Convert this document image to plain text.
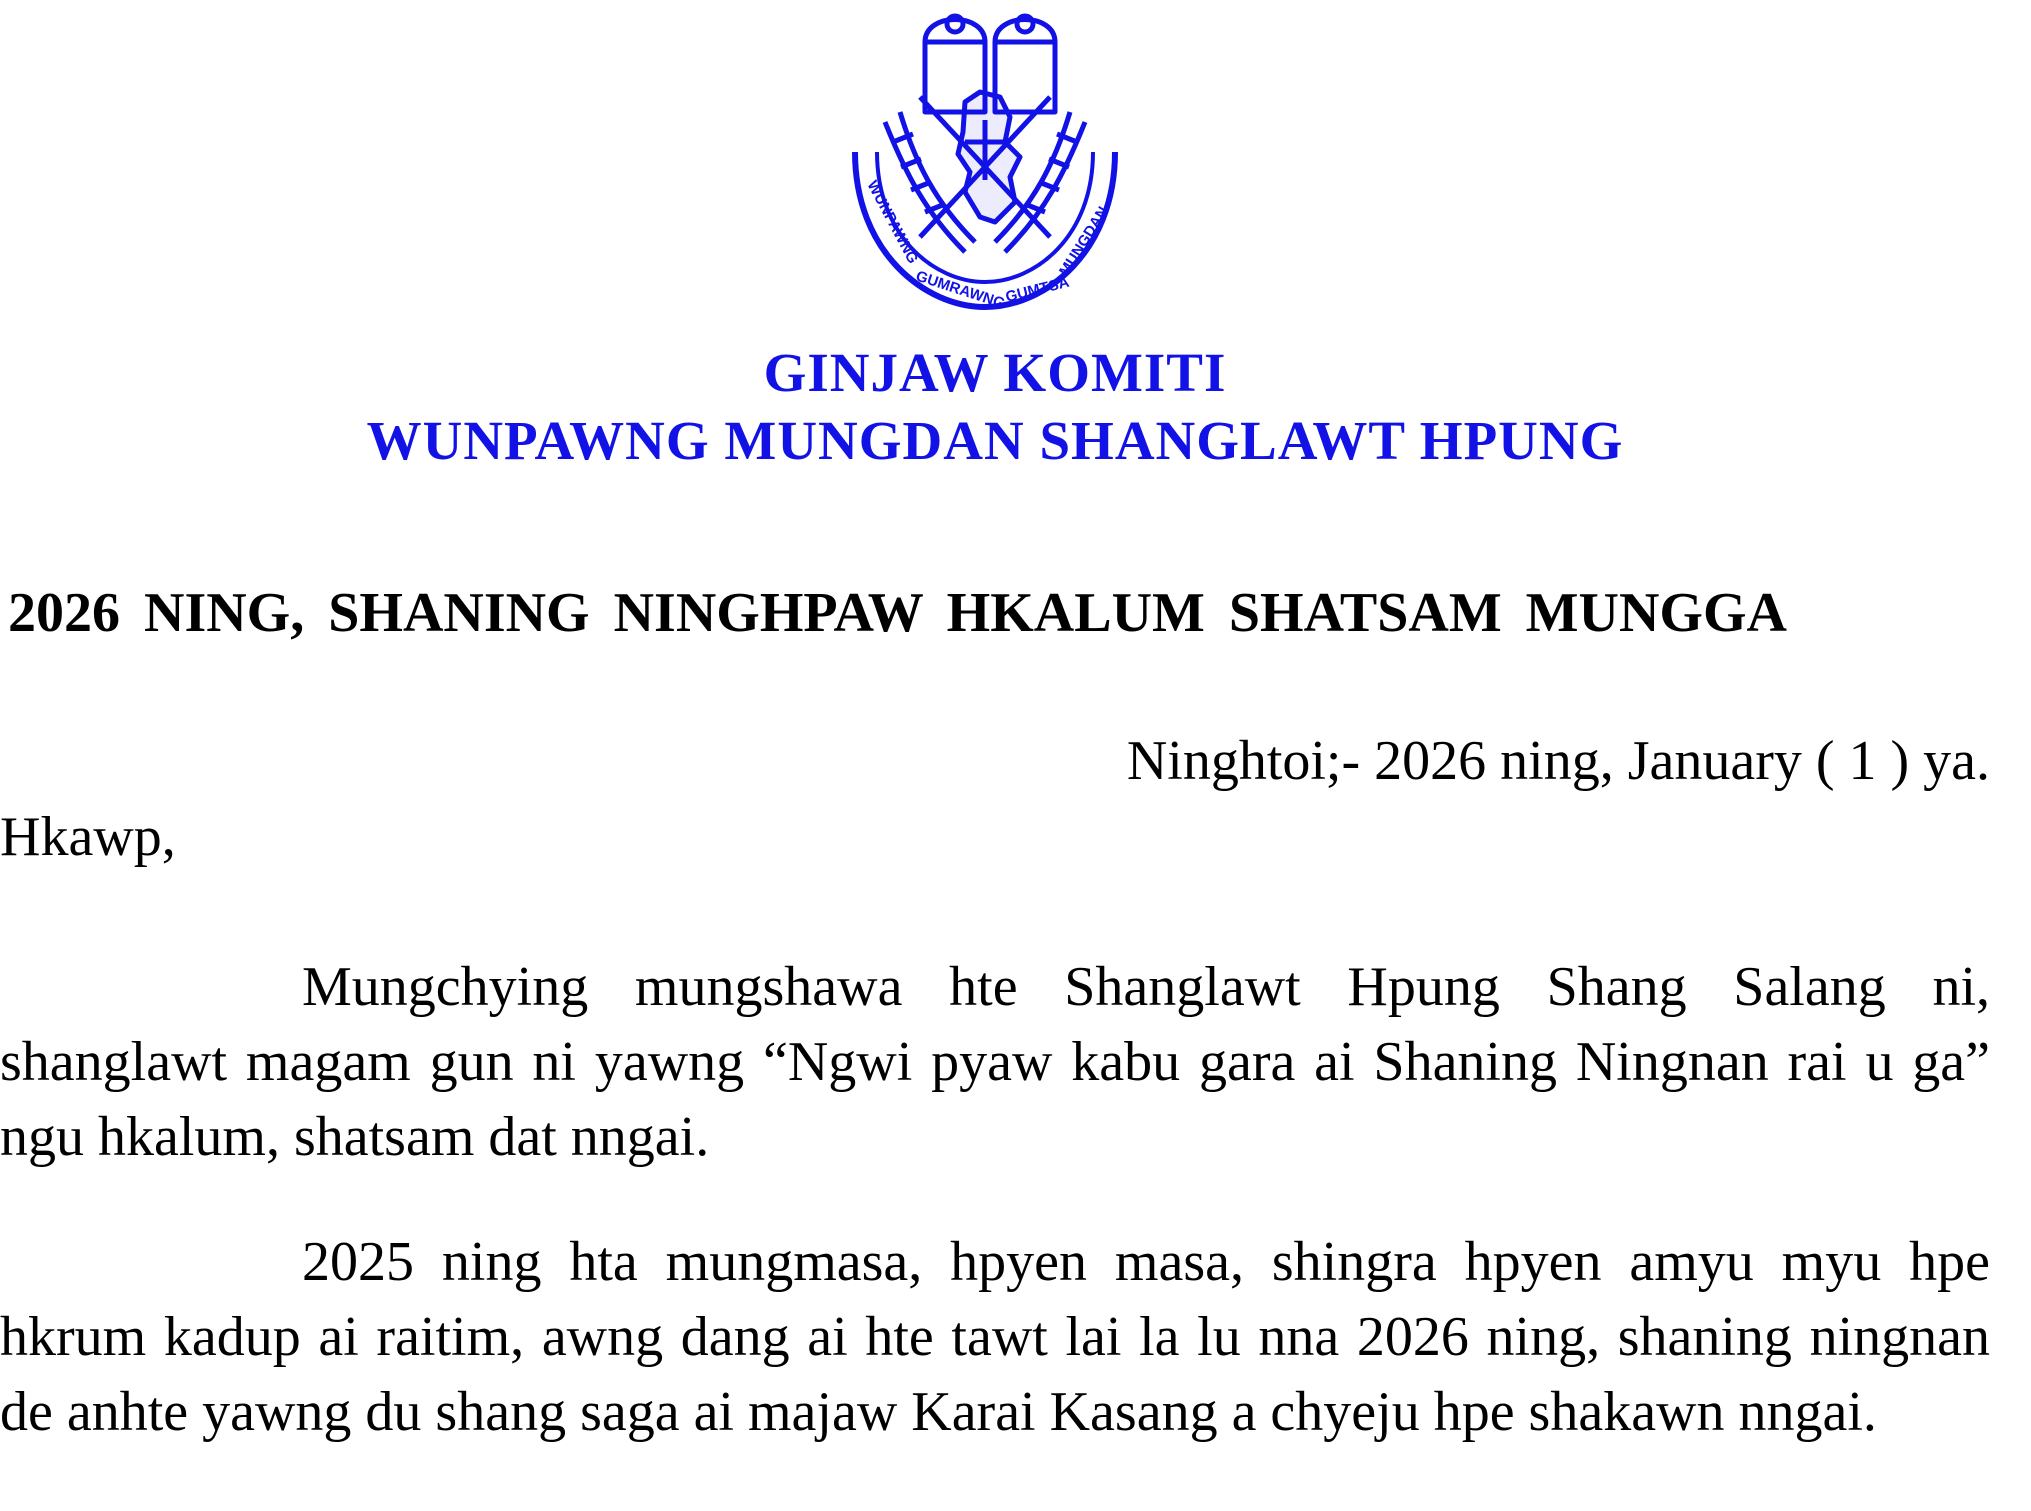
WUNPAWNG
GUMRAWNG
GUMTSA
MUNGDAN
GINJAW KOMITI
WUNPAWNG MUNGDAN SHANGLAWT HPUNG
2026 NING, SHANING NINGHPAW HKALUM SHATSAM MUNGGA
Ninghtoi;- 2026 ning, January ( 1 ) ya.
Hkawp,

Mungchying mungshawa hte Shanglawt Hpung Shang Salang ni, shanglawt magam gun ni yawng “Ngwi pyaw kabu gara ai Shaning Ningnan rai u ga” ngu hkalum, shatsam dat nngai.

2025 ning hta mungmasa, hpyen masa, shingra hpyen amyu myu hpe hkrum kadup ai raitim, awng dang ai hte tawt lai la lu nna 2026 ning, shaning ningnan de anhte yawng du shang saga ai majaw Karai Kasang a chyeju hpe shakawn nngai.
